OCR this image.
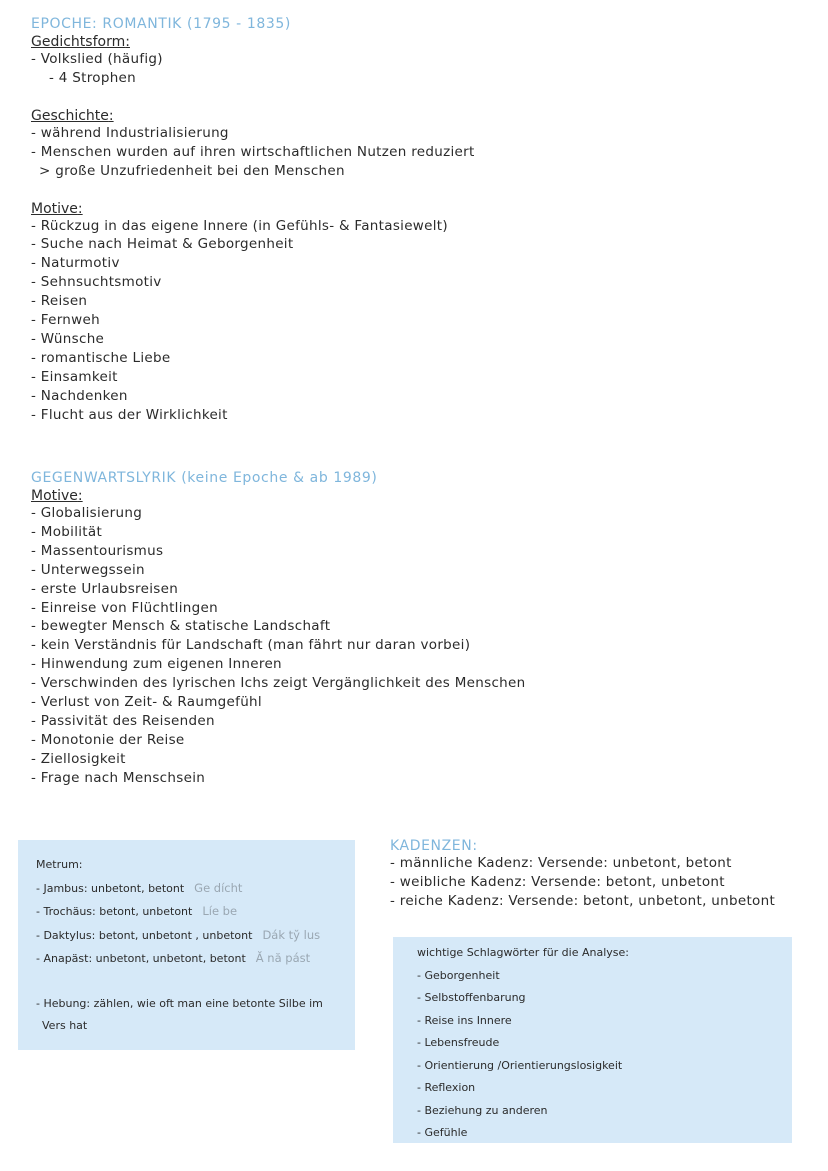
EPOCHE: ROMANTIK (1795 - 1835)
Gedichtsform:
- Volkslied (häufig)
- 4 Strophen
Geschichte:
- während Industrialisierung
- Menschen wurden auf ihren wirtschaftlichen Nutzen reduziert
> große Unzufriedenheit bei den Menschen
Motive:
- Rückzug in das eigene Innere (in Gefühls- & Fantasiewelt)
- Suche nach Heimat & Geborgenheit
- Naturmotiv
- Sehnsuchtsmotiv
- Reisen
- Fernweh
- Wünsche
- romantische Liebe
- Einsamkeit
- Nachdenken
- Flucht aus der Wirklichkeit
GEGENWARTSLYRIK (keine Epoche & ab 1989)
Motive:
- Globalisierung
- Mobilität
- Massentourismus
- Unterwegssein
- erste Urlaubsreisen
- Einreise von Flüchtlingen
- bewegter Mensch & statische Landschaft
- kein Verständnis für Landschaft (man fährt nur daran vorbei)
- Hinwendung zum eigenen Inneren
- Verschwinden des lyrischen Ichs zeigt Vergänglichkeit des Menschen
- Verlust von Zeit- & Raumgefühl
- Passivität des Reisenden
- Monotonie der Reise
- Ziellosigkeit
- Frage nach Menschsein
Metrum:
- Jambus: unbetont, betont Ge dícht
- Trochäus: betont, unbetont Líe be
- Daktylus: betont, unbetont , unbetont Dák ty̆ lus
- Anapäst: unbetont, unbetont, betont Ă nă pást
- Hebung: zählen, wie oft man eine betonte Silbe im
Vers hat
KADENZEN:
- männliche Kadenz: Versende: unbetont, betont
- weibliche Kadenz: Versende: betont, unbetont
- reiche Kadenz: Versende: betont, unbetont, unbetont
wichtige Schlagwörter für die Analyse:
- Geborgenheit
- Selbstoffenbarung
- Reise ins Innere
- Lebensfreude
- Orientierung /Orientierungslosigkeit
- Reflexion
- Beziehung zu anderen
- Gefühle
